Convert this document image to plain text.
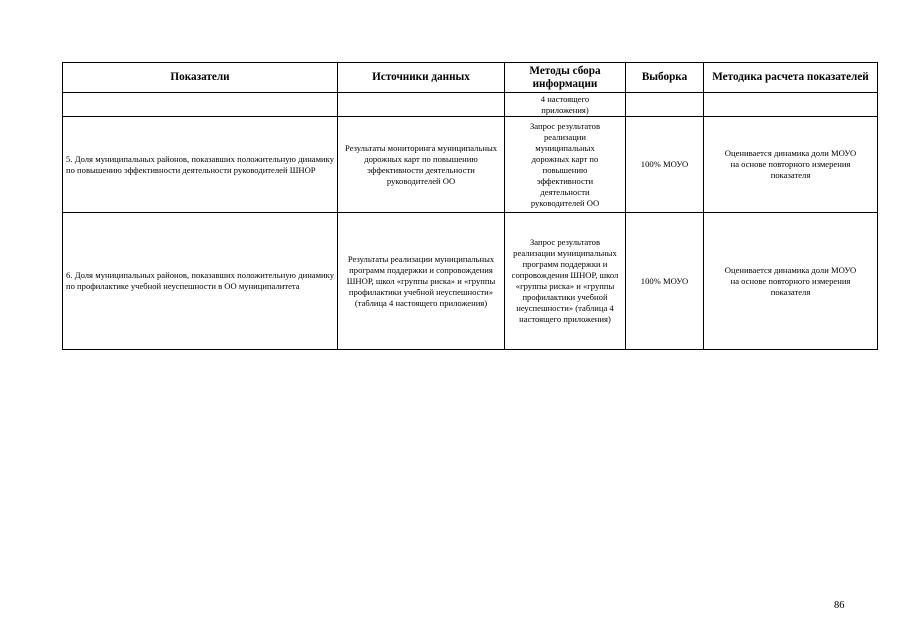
Показатели	Источники данных	Методы сбора информации	Выборка	Методика расчета показателей
		4 настоящего приложения)		
5. Доля муниципальных районов, показавших положительную динамику по повышению эффективности деятельности руководителей ШНОР	Результаты мониторинга муниципальных дорожных карт по повышению эффективности деятельности руководителей ОО	Запрос результатов реализации муниципальных дорожных карт по повышению эффективности деятельности руководителей ОО	100% МОУО	Оценивается динамика доли МОУО на основе повторного измерения показателя
6. Доля муниципальных районов, показавших положительную динамику по профилактике учебной неуспешности в ОО муниципалитета	Результаты реализации муниципальных программ поддержки и сопровождения ШНОР, школ «группы риска» и «группы профилактики учебной неуспешности» (таблица 4 настоящего приложения)	Запрос результатов реализации муниципальных программ поддержки и сопровождения ШНОР, школ «группы риска» и «группы профилактики учебной неуспешности» (таблица 4 настоящего приложения)	100% МОУО	Оценивается динамика доли МОУО на основе повторного измерения показателя
86
